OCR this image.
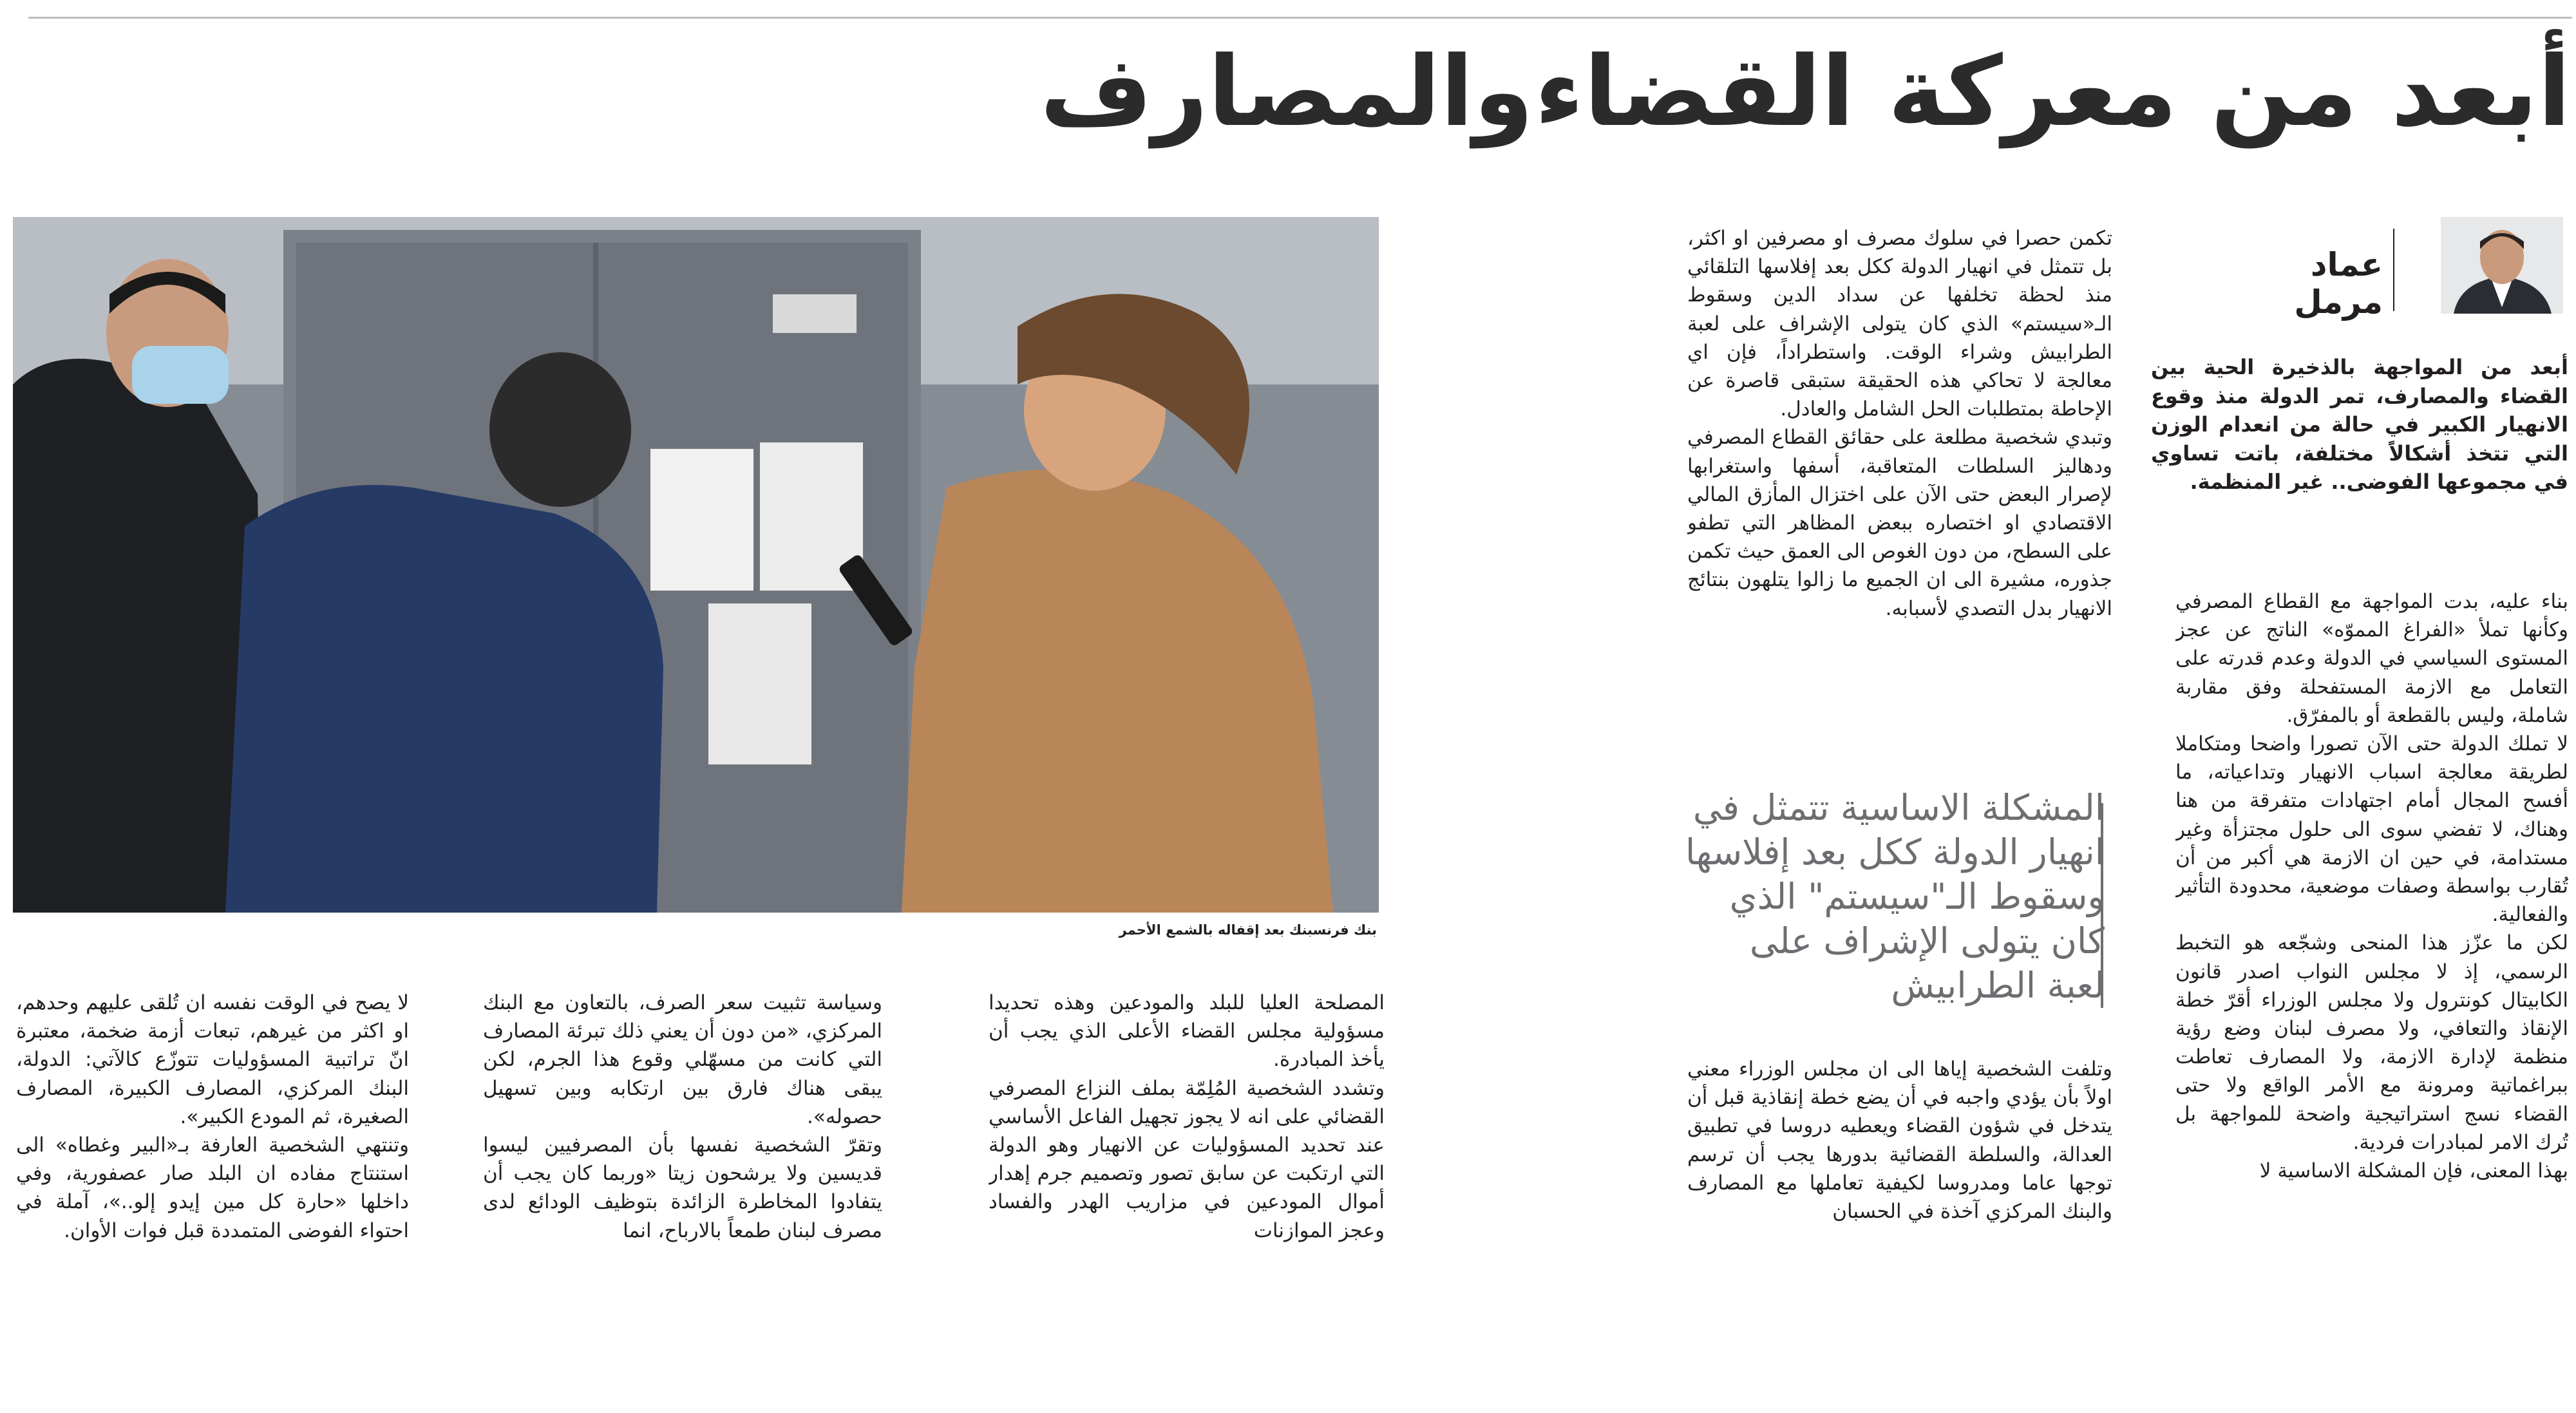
أبعد من معركة القضاء
والمصارف
بنك فرنسبنك بعد إقفاله بالشمع الأحمر
عماد مرمل

أبعد من المواجهة بالذخيرة الحية بين القضاء والمصارف، تمر الدولة منذ وقوع الانهيار الكبير في حالة من انعدام الوزن التي تتخذ أشكالاً مختلفة، باتت تساوي في مجموعها الفوضى.. غير المنظمة.

بناء عليه، بدت المواجهة مع القطاع المصرفي وكأنها تملأ «الفراغ المموّه» الناتج عن عجز المستوى السياسي في الدولة وعدم قدرته على التعامل مع الازمة المستفحلة وفق مقاربة شاملة، وليس بالقطعة أو بالمفرّق.

لا تملك الدولة حتى الآن تصورا واضحا ومتكاملا لطريقة معالجة اسباب الانهيار وتداعياته، ما أفسح المجال أمام اجتهادات متفرقة من هنا وهناك، لا تفضي سوى الى حلول مجتزأة وغير مستدامة، في حين ان الازمة هي أكبر من أن تُقارب بواسطة وصفات موضعية، محدودة التأثير والفعالية.

لكن ما عزّز هذا المنحى وشجّعه هو التخبط الرسمي، إذ لا مجلس النواب اصدر قانون الكابيتال كونترول ولا مجلس الوزراء أقرّ خطة الإنقاذ والتعافي، ولا مصرف لبنان وضع رؤية منظمة لإدارة الازمة، ولا المصارف تعاطت ببراغماتية ومرونة مع الأمر الواقع ولا حتى القضاء نسج استراتيجية واضحة للمواجهة بل تُرك الامر لمبادرات فردية.

بهذا المعنى، فإن المشكلة الاساسية لا

تكمن حصرا في سلوك مصرف او مصرفين او اكثر، بل تتمثل في انهيار الدولة ككل بعد إفلاسها التلقائي منذ لحظة تخلفها عن سداد الدين وسقوط الـ«سيستم» الذي كان يتولى الإشراف على لعبة الطرابيش وشراء الوقت. واستطراداً، فإن اي معالجة لا تحاكي هذه الحقيقة ستبقى قاصرة عن الإحاطة بمتطلبات الحل الشامل والعادل.

وتبدي شخصية مطلعة على حقائق القطاع المصرفي ودهاليز السلطات المتعاقبة، أسفها واستغرابها لإصرار البعض حتى الآن على اختزال المأزق المالي الاقتصادي او اختصاره ببعض المظاهر التي تطفو على السطح، من دون الغوص الى العمق حيث تكمن جذوره، مشيرة الى ان الجميع ما زالوا يتلهون بنتائج الانهيار بدل التصدي لأسبابه.

المشكلة الاساسية تتمثل في انهيار الدولة ككل بعد إفلاسها وسقوط الـ"سيستم" الذي كان يتولى الإشراف على لعبة الطرابيش

وتلفت الشخصية إياها الى ان مجلس الوزراء معني اولاً بأن يؤدي واجبه في أن يضع خطة إنقاذية قبل أن يتدخل في شؤون القضاء ويعطيه دروسا في تطبيق العدالة، والسلطة القضائية بدورها يجب أن ترسم توجها عاما ومدروسا لكيفية تعاملها مع المصارف والبنك المركزي آخذة في الحسبان

المصلحة العليا للبلد والمودعين وهذه تحديدا مسؤولية مجلس القضاء الأعلى الذي يجب أن يأخذ المبادرة.

وتشدد الشخصية المُلِمّة بملف النزاع المصرفي القضائي على انه لا يجوز تجهيل الفاعل الأساسي عند تحديد المسؤوليات عن الانهيار وهو الدولة التي ارتكبت عن سابق تصور وتصميم جرم إهدار أموال المودعين في مزاريب الهدر والفساد وعجز الموازنات

وسياسة تثبيت سعر الصرف، بالتعاون مع البنك المركزي، «من دون أن يعني ذلك تبرئة المصارف التي كانت من مسهّلي وقوع هذا الجرم، لكن يبقى هناك فارق بين ارتكابه وبين تسهيل حصوله».

وتقرّ الشخصية نفسها بأن المصرفيين ليسوا قديسين ولا يرشحون زيتا «وربما كان يجب أن يتفادوا المخاطرة الزائدة بتوظيف الودائع لدى مصرف لبنان طمعاً بالارباح، انما

لا يصح في الوقت نفسه ان تُلقى عليهم وحدهم، او اكثر من غيرهم، تبعات أزمة ضخمة، معتبرة انّ تراتبية المسؤوليات تتوزّع كالآتي: الدولة، البنك المركزي، المصارف الكبيرة، المصارف الصغيرة، ثم المودع الكبير».

وتنتهي الشخصية العارفة بـ«البير وغطاه» الى استنتاج مفاده ان البلد صار عصفورية، وفي داخلها «حارة كل مين إيدو إلو..»، آملة في احتواء الفوضى المتمددة قبل فوات الأوان.
